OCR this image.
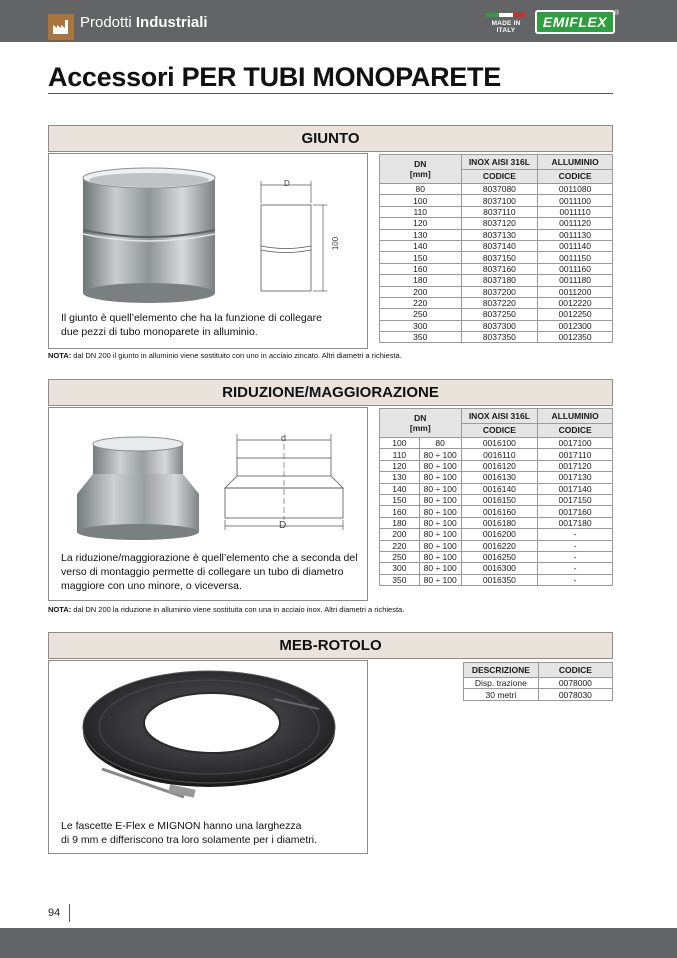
Prodotti Industriali	MADE IN ITALY
EMIFLEX
®
Accessori PER TUBI MONOPARETE
GIUNTO
D
100
Il giunto è quell’elemento che ha la funzione di collegare
due pezzi di tubo monoparete in alluminio.
DN
[mm]	INOX AISI 316L	ALLUMINIO
	CODICE	CODICE
80	8037080	0011080
100	8037100	0011100
110	8037110	0011110
120	8037120	0011120
130	8037130	0011130
140	8037140	0011140
150	8037150	0011150
160	8037160	0011160
180	8037180	0011180
200	8037200	0011200
220	8037220	0012220
250	8037250	0012250
300	8037300	0012300
350	8037350	0012350
NOTA: dal DN 200 il giunto in alluminio viene sostituito con uno in acciaio zincato. Altri diametri a richiesta.
RIDUZIONE/MAGGIORAZIONE
d
D
La riduzione/maggiorazione è quell’elemento che a seconda del
verso di montaggio permette di collegare un tubo di diametro
maggiore con uno minore, o viceversa.
DN
[mm]		INOX AISI 316L	ALLUMINIO
		CODICE	CODICE
100	80	0016100	0017100
110	80 ÷ 100	0016110	0017110
120	80 ÷ 100	0016120	0017120
130	80 ÷ 100	0016130	0017130
140	80 ÷ 100	0016140	0017140
150	80 ÷ 100	0016150	0017150
160	80 ÷ 100	0016160	0017160
180	80 ÷ 100	0016180	0017180
200	80 ÷ 100	0016200	-
220	80 ÷ 100	0016220	-
250	80 ÷ 100	0016250	-
300	80 ÷ 100	0016300	-
350	80 ÷ 100	0016350	-
NOTA: dal DN 200 la riduzione in alluminio viene sostituita con una in acciaio inox. Altri diametri a richiesta.
MEB-ROTOLO
Le fascette E-Flex e MIGNON hanno una larghezza
di 9 mm e differiscono tra loro solamente per i diametri.
DESCRIZIONE	CODICE
Disp. trazione	0078000
30 metri	0078030
94
